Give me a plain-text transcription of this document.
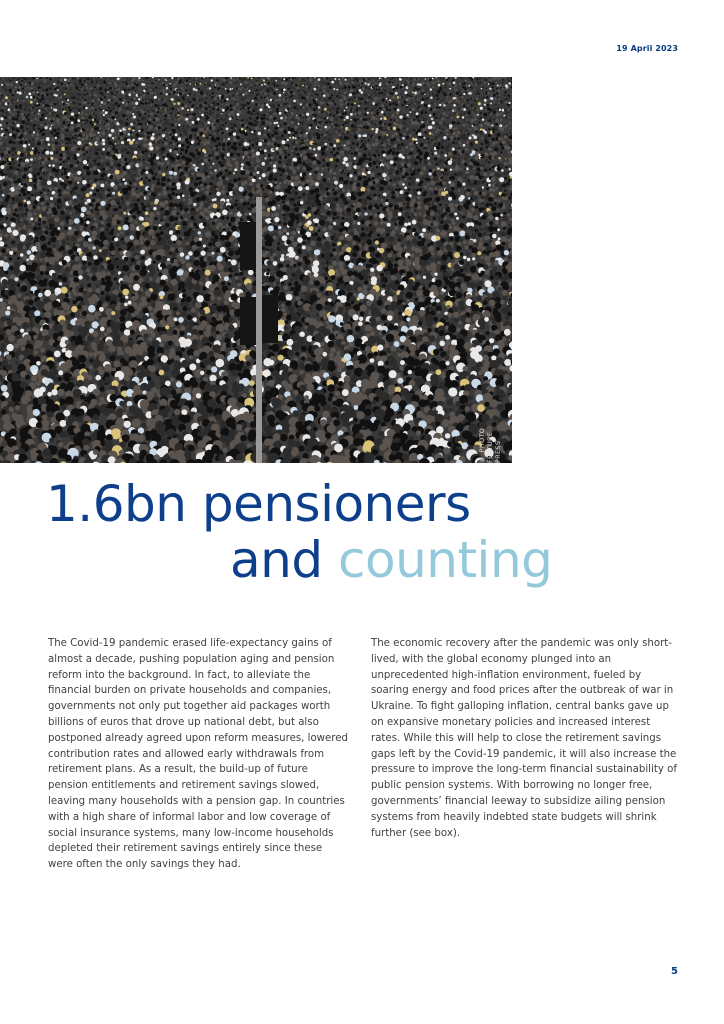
19 April 2023
© PHOTO FEATURE PRESS
1.6bn pensioners
and counting

The Covid-19 pandemic erased life-expectancy gains of almost a decade, pushing population aging and pension reform into the background. In fact, to alleviate the financial burden on private households and companies, governments not only put together aid packages worth billions of euros that drove up national debt, but also postponed already agreed upon reform measures, lowered contribution rates and allowed early withdrawals from retirement plans. As a result, the build-up of future pension entitlements and retirement savings slowed, leaving many households with a pension gap. In countries with a high share of informal labor and low coverage of social insurance systems, many low-income households depleted their retirement savings entirely since these were often the only savings they had.

The economic recovery after the pandemic was only short-lived, with the global economy plunged into an unprecedented high-inflation environment, fueled by soaring energy and food prices after the outbreak of war in Ukraine. To fight galloping inflation, central banks gave up on expansive monetary policies and increased interest rates. While this will help to close the retirement savings gaps left by the Covid-19 pandemic, it will also increase the pressure to improve the long-term financial sustainability of public pension systems. With borrowing no longer free, governments’ financial leeway to subsidize ailing pension systems from heavily indebted state budgets will shrink further (see box).

5
